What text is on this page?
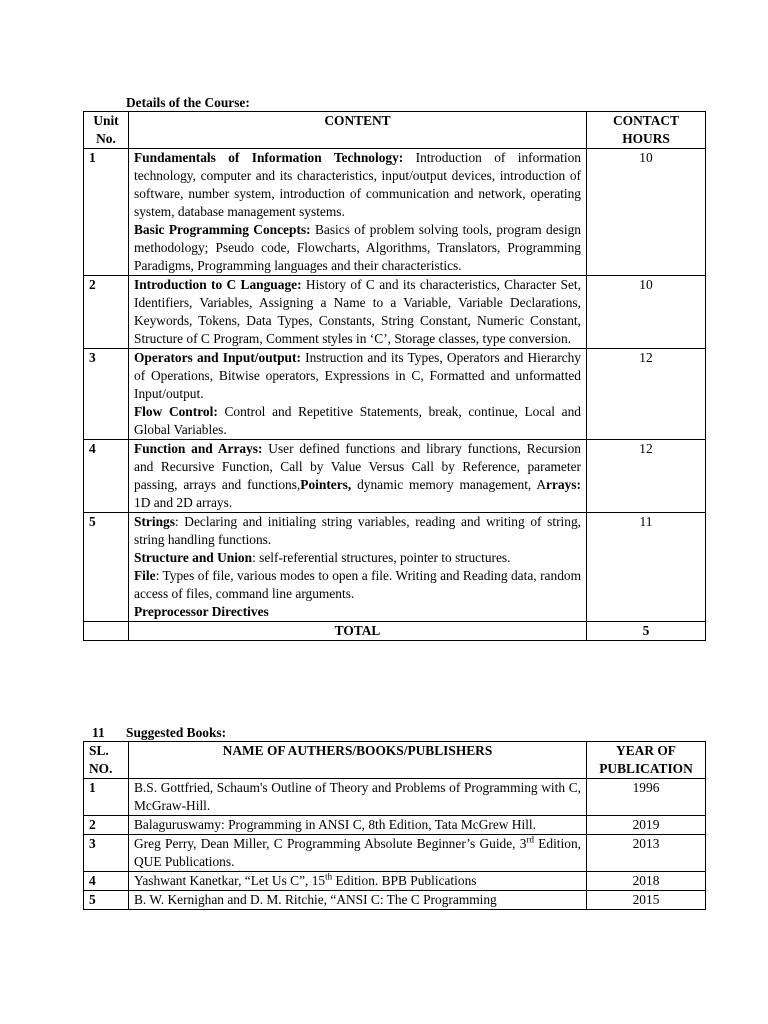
Details of the Course:
Unit No.	CONTENT	CONTACT HOURS
1	Fundamentals of Information Technology: Introduction of information technology, computer and its characteristics, input/output devices, introduction of software, number system, introduction of communication and network, operating system, database management systems.
Basic Programming Concepts: Basics of problem solving tools, program design methodology; Pseudo code, Flowcharts, Algorithms, Translators, Programming Paradigms, Programming languages and their characteristics.	10
2	Introduction to C Language: History of C and its characteristics, Character Set, Identifiers, Variables, Assigning a Name to a Variable, Variable Declarations, Keywords, Tokens, Data Types, Constants, String Constant, Numeric Constant, Structure of C Program, Comment styles in ‘C’, Storage classes, type conversion.	10
3	Operators and Input/output: Instruction and its Types, Operators and Hierarchy of Operations, Bitwise operators, Expressions in C, Formatted and unformatted Input/output.
Flow Control: Control and Repetitive Statements, break, continue, Local and Global Variables.	12
4	Function and Arrays: User defined functions and library functions, Recursion and Recursive Function, Call by Value Versus Call by Reference, parameter passing, arrays and functions,Pointers, dynamic memory management, Arrays: 1D and 2D arrays.	12
5	Strings: Declaring and initialing string variables, reading and writing of string, string handling functions.
Structure and Union: self-referential structures, pointer to structures.
File: Types of file, various modes to open a file. Writing and Reading data, random access of files, command line arguments.
Preprocessor Directives	11
	TOTAL	5
11 Suggested Books:
SL. NO.	NAME OF AUTHERS/BOOKS/PUBLISHERS	YEAR OF PUBLICATION
1	B.S. Gottfried, Schaum's Outline of Theory and Problems of Programming with C, McGraw-Hill.	1996
2	Balaguruswamy: Programming in ANSI C, 8th Edition, Tata McGrew Hill.	2019
3	Greg Perry, Dean Miller, C Programming Absolute Beginner’s Guide, 3rd Edition, QUE Publications.	2013
4	Yashwant Kanetkar, “Let Us C”, 15th Edition. BPB Publications	2018
5	B. W. Kernighan and D. M. Ritchie, “ANSI C: The C Programming	2015
